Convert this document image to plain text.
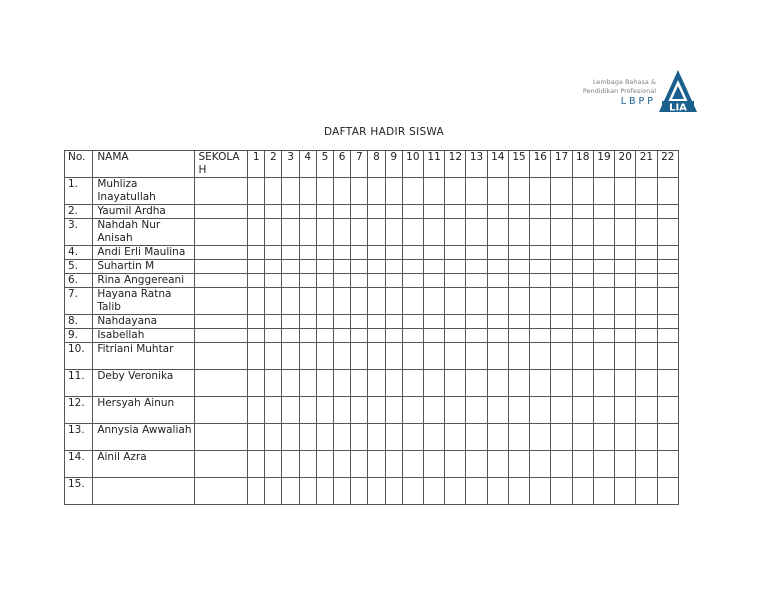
Lembaga Bahasa &
Pendidikan Profesional
LBPP
LIA
DAFTAR HADIR SISWA
No.	NAMA	SEKOLAH	1	2	3	4	5	6	7	8	9	10	11	12	13	14	15	16	17	18	19	20	21	22
1.	Muhliza Inayatullah																							
2.	Yaumil Ardha																							
3.	Nahdah Nur Anisah																							
4.	Andi Erli Maulina																							
5.	Suhartin M																							
6.	Rina Anggereani																							
7.	Hayana Ratna Talib																							
8.	Nahdayana																							
9.	Isabellah																							
10.	Fitriani Muhtar																							
11.	Deby Veronika																							
12.	Hersyah Ainun																							
13.	Annysia Awwaliah																							
14.	Ainil Azra																							
15.																								
